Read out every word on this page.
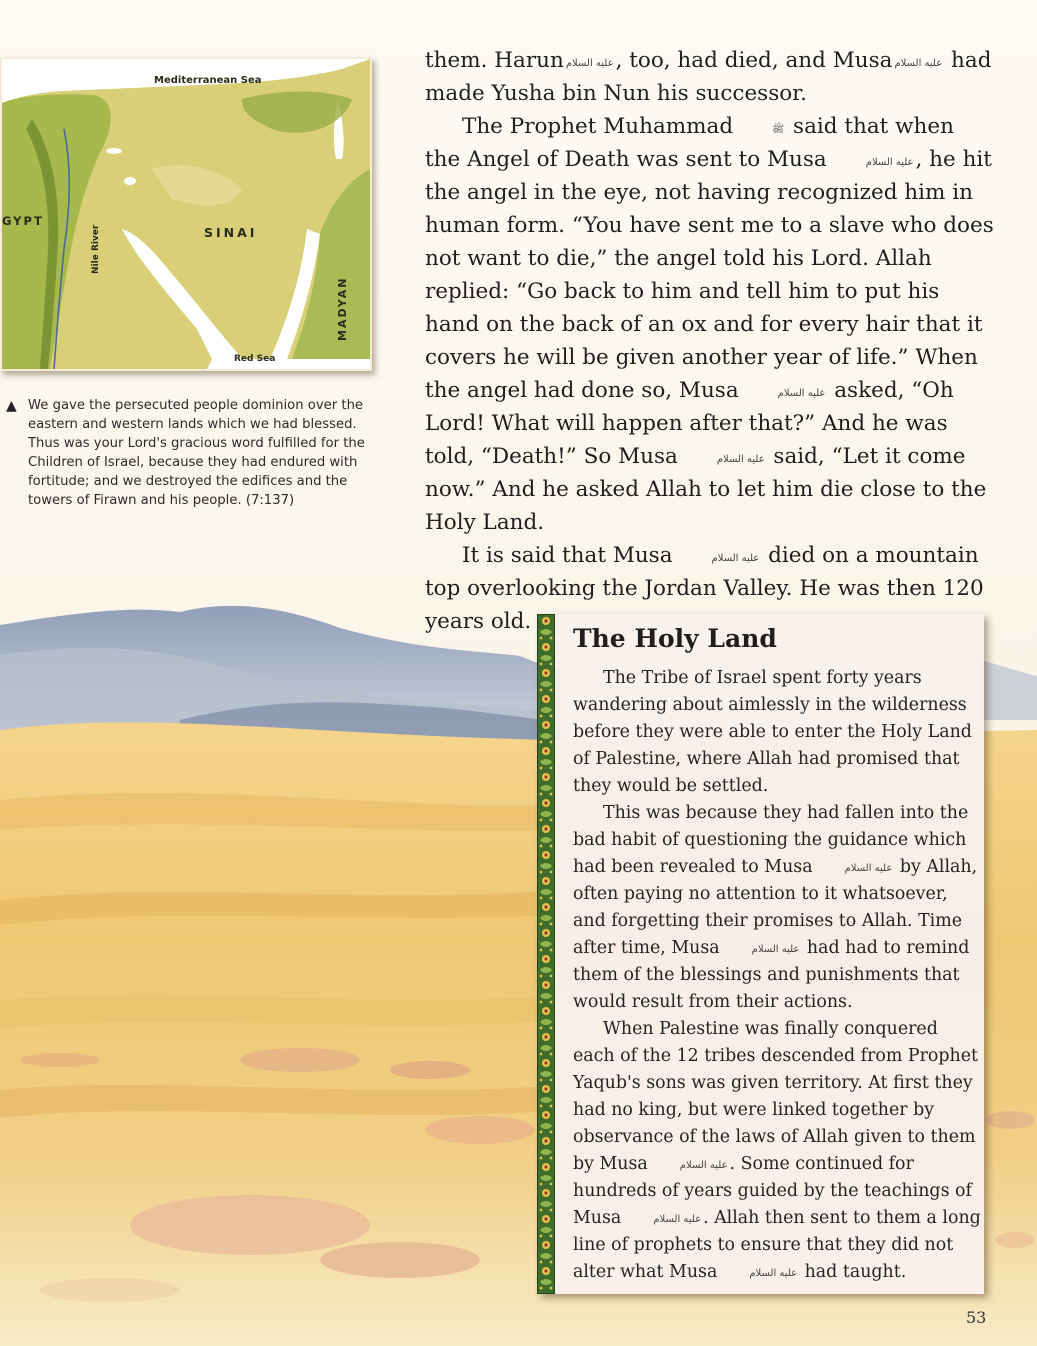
Mediterranean Sea
GYPT
Nile River	SINAI
MADYAN
Red Sea
▲ We gave the persecuted people dominion over the eastern and western lands which we had blessed. Thus was your Lord's gracious word fulfilled for the Children of Israel, because they had endured with fortitude; and we destroyed the edifices and the towers of Firawn and his people. (7:137)

them. Harun عليه السلام, too, had died, and Musa عليه السلام had made Yusha bin Nun his successor.

The Prophet Muhammad	ﷺ said that when the Angel of Death was sent to Musa	عليه السلام, he hit the angel in the eye, not having recognized him in human form. “You have sent me to a slave who does not want to die,” the angel told his Lord. Allah replied: “Go back to him and tell him to put his hand on the back of an ox and for every hair that it covers he will be given another year of life.” When the angel had done so, Musa	عليه السلام asked, “Oh Lord! What will happen after that?” And he was told, “Death!” So Musa	عليه السلام said, “Let it come now.” And he asked Allah to let him die close to the Holy Land.

It is said that Musa	عليه السلام died on a mountain top overlooking the Jordan Valley. He was then 120 years old.

The Holy Land

The Tribe of Israel spent forty years wandering about aimlessly in the wilderness before they were able to enter the Holy Land of Palestine, where Allah had promised that they would be settled.

This was because they had fallen into the bad habit of questioning the guidance which had been revealed to Musa	عليه السلام by Allah, often paying no attention to it whatsoever, and forgetting their promises to Allah. Time after time, Musa	عليه السلام had had to remind them of the blessings and punishments that would result from their actions.

When Palestine was finally conquered each of the 12 tribes descended from Prophet Yaqub's sons was given territory. At first they had no king, but were linked together by observance of the laws of Allah given to them by Musa	عليه السلام . Some continued for hundreds of years guided by the teachings of Musa	عليه السلام . Allah then sent to them a long line of prophets to ensure that they did not alter what Musa	عليه السلام had taught.

53
